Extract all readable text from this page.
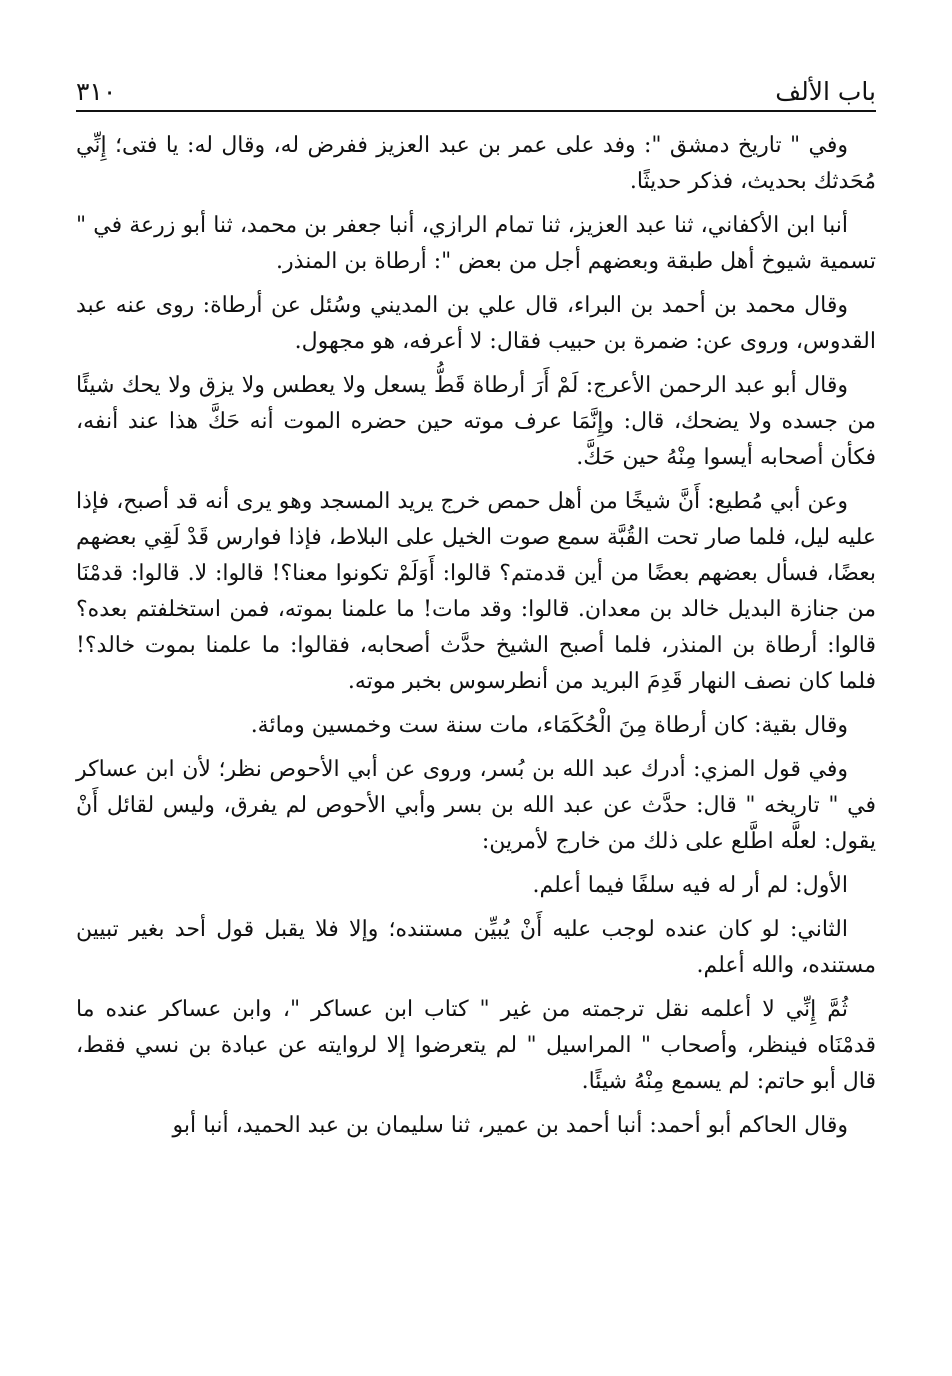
باب الألف
٣١٠

وفي " تاريخ دمشق ": وفد على عمر بن عبد العزيز ففرض له، وقال له: يا فتى؛ إِنِّي مُحَدثك بحديث، فذكر حديثًا.

أنبا ابن الأكفاني، ثنا عبد العزيز، ثنا تمام الرازي، أنبا جعفر بن محمد، ثنا أبو زرعة في " تسمية شيوخ أهل طبقة وبعضهم أجل من بعض ": أرطاة بن المنذر.

وقال محمد بن أحمد بن البراء، قال علي بن المديني وسُئل عن أرطاة: روى عنه عبد القدوس، وروى عن: ضمرة بن حبيب فقال: لا أعرفه، هو مجهول.

وقال أبو عبد الرحمن الأعرج: لَمْ أَرَ أرطاة قَطُّ يسعل ولا يعطس ولا يزق ولا يحك شيئًا من جسده ولا يضحك، قال: وإِنَّمَا عرف موته حين حضره الموت أنه حَكَّ هذا عند أنفه، فكأن أصحابه أيسوا مِنْهُ حين حَكَّ.

وعن أبي مُطيع: أَنَّ شيخًا من أهل حمص خرج يريد المسجد وهو يرى أنه قد أصبح، فإذا عليه ليل، فلما صار تحت القُبَّة سمع صوت الخيل على البلاط، فإذا فوارس قَدْ لَقِي بعضهم بعضًا، فسأل بعضهم بعضًا من أين قدمتم؟ قالوا: أَوَلَمْ تكونوا معنا؟! قالوا: لا. قالوا: قدمْنَا من جنازة البديل خالد بن معدان. قالوا: وقد مات! ما علمنا بموته، فمن استخلفتم بعده؟ قالوا: أرطاة بن المنذر، فلما أصبح الشيخ حدَّث أصحابه، فقالوا: ما علمنا بموت خالد؟! فلما كان نصف النهار قَدِمَ البريد من أنطرسوس بخبر موته.

وقال بقية: كان أرطاة مِنَ الْحُكَمَاء، مات سنة ست وخمسين ومائة.

وفي قول المزي: أدرك عبد الله بن بُسر، وروى عن أبي الأحوص نظر؛ لأن ابن عساكر في " تاريخه " قال: حدَّث عن عبد الله بن بسر وأبي الأحوص لم يفرق، وليس لقائل أَنْ يقول: لعلَّه اطَّلع على ذلك من خارج لأمرين:

الأول: لم أر له فيه سلفًا فيما أعلم.

الثاني: لو كان عنده لوجب عليه أَنْ يُبيِّن مستنده؛ وإلا فلا يقبل قول أحد بغير تبيين مستنده، والله أعلم.

ثُمَّ إِنِّي لا أعلمه نقل ترجمته من غير " كتاب ابن عساكر "، وابن عساكر عنده ما قدمْنَاه فينظر، وأصحاب " المراسيل " لم يتعرضوا إلا لروايته عن عبادة بن نسي فقط، قال أبو حاتم: لم يسمع مِنْهُ شيئًا.

وقال الحاكم أبو أحمد: أنبا أحمد بن عمير، ثنا سليمان بن عبد الحميد، أنبا أبو
